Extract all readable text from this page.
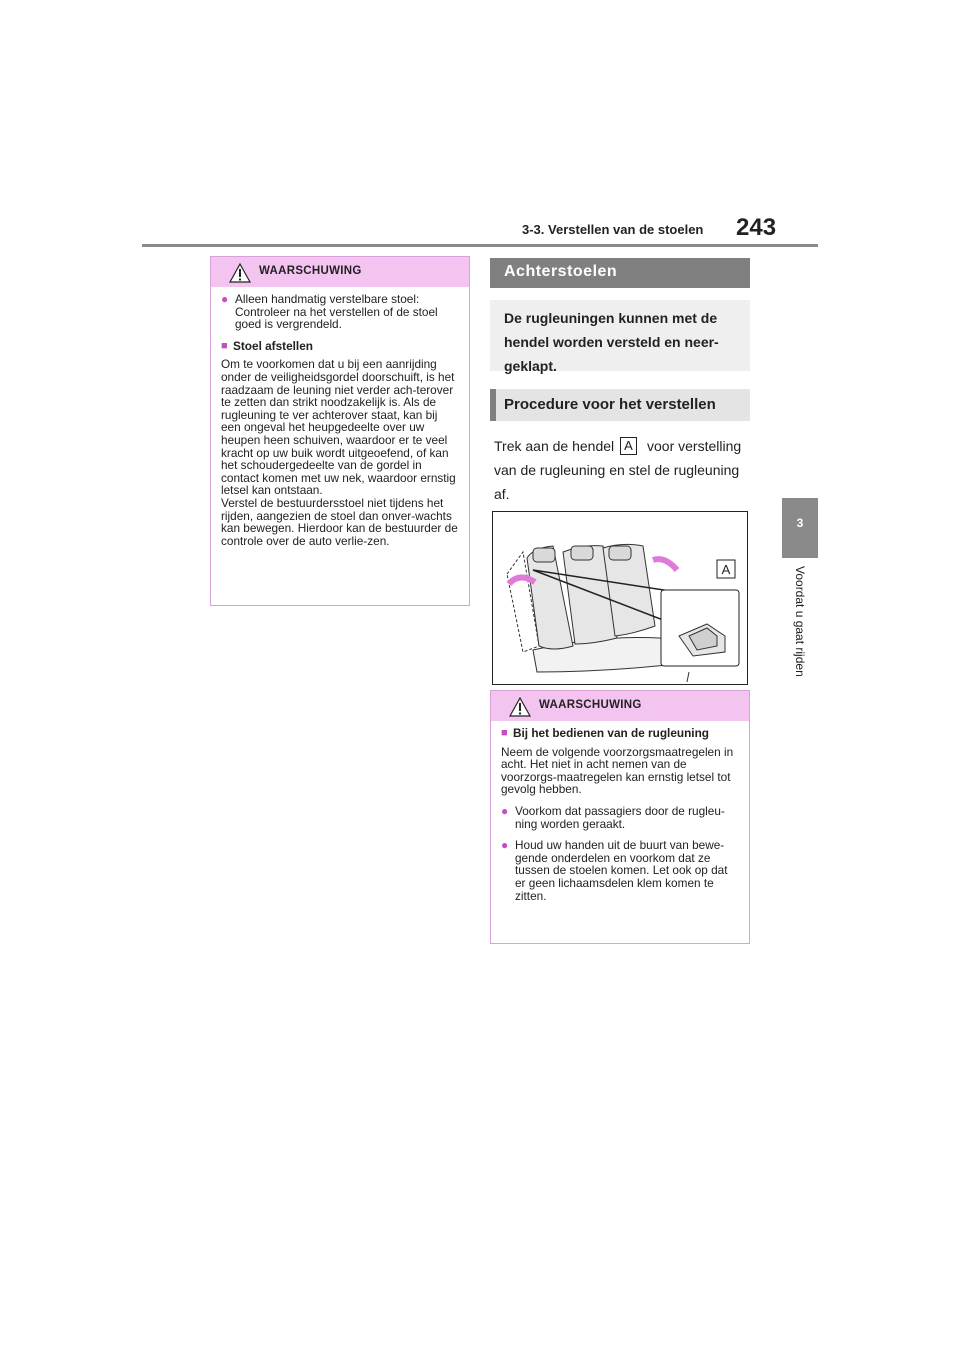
3-3. Verstellen van de stoelen 243
3
Voordat u gaat rijden
WAARSCHUWING
● Alleen handmatig verstelbare stoel: Controleer na het verstellen of de stoel goed is vergrendeld.
■ Stoel afstellen
Om te voorkomen dat u bij een aanrijding onder de veiligheidsgordel doorschuift, is het raadzaam de leuning niet verder ach-terover te zetten dan strikt noodzakelijk is. Als de rugleuning te ver achterover staat, kan bij een ongeval het heupgedeelte over uw heupen heen schuiven, waardoor er te veel kracht op uw buik wordt uitgeoefend, of kan het schoudergedeelte van de gordel in contact komen met uw nek, waardoor ernstig letsel kan ontstaan.
Verstel de bestuurdersstoel niet tijdens het rijden, aangezien de stoel dan onver-wachts kan bewegen. Hierdoor kan de bestuurder de controle over de auto verlie-zen.
Achterstoelen
De rugleuningen kunnen met de hendel worden versteld en neer-geklapt.
Procedure voor het verstellen
Trek aan de hendel A voor verstelling van de rugleuning en stel de rugleuning af.
A
WAARSCHUWING
■ Bij het bedienen van de rugleuning
Neem de volgende voorzorgsmaatregelen in acht. Het niet in acht nemen van de voorzorgs-maatregelen kan ernstig letsel tot gevolg hebben.
● Voorkom dat passagiers door de rugleu-ning worden geraakt.
● Houd uw handen uit de buurt van bewe-gende onderdelen en voorkom dat ze tussen de stoelen komen. Let ook op dat er geen lichaamsdelen klem komen te zitten.
